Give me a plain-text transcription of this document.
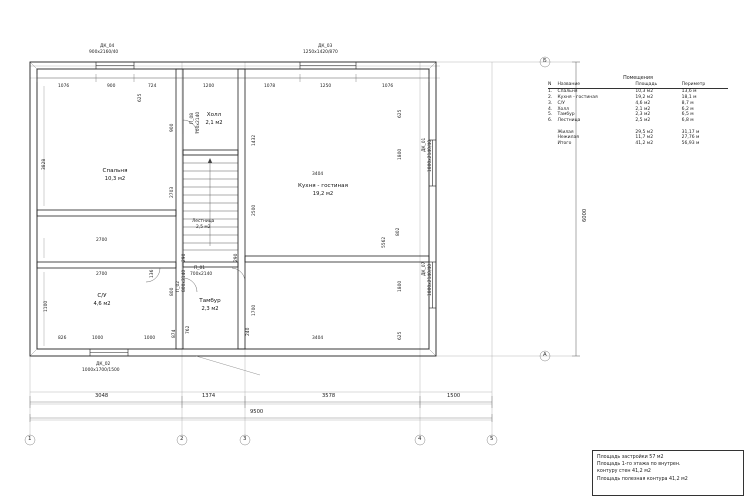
Спальня
10,3 м2
Кухня - гостиная
19,2 м2
Холл
2,1 м2
С/У
4,6 м2	Тамбур
2,3 м2
Лестница
2,5 м2
ДК_04
900х2160/40
ДК_03
1250х1420/870
ДК_02
1000х1700/1500
ДК_01 1800х2140/40
ДК_07 1800х2140/40
П_08 700х2140
П_01
700х2140
П_02 800х2140
1076	900	724	1200	1078	1250	1076
3048	1374	3578	1500
9500
6000
3828
2700
2700
1100
826	1000
625
900
2703
800
1000
874 762	240
290	290
136
1432
2500
5562
802
1800
1800
625
625
1700
3404
3404
Б
А
1	2	3	4	5
Помещения
N	Название	Площадь	Периметр

1.	Спальня	10,3 м2	13,6 м
2.	Кухня - гостиная	19,2 м2	18,1 м
3.	С/У	4,6 м2	8,7 м
4.	Холл	2,1 м2	6,2 м
5.	Тамбур	2,3 м2	6,5 м
6.	Лестница	2,5 м2	6,8 м

	Жилая	29,5 м2	31,17 м
	Нежилая	11,7 м2	27,76 м
	Итого	41,2 м2	56,93 м
Площадь застройки 57 м2
Площадь 1-го этажа по внутрен.
контуру стен 41,2 м2
Площадь полезная контура 41,2 м2
